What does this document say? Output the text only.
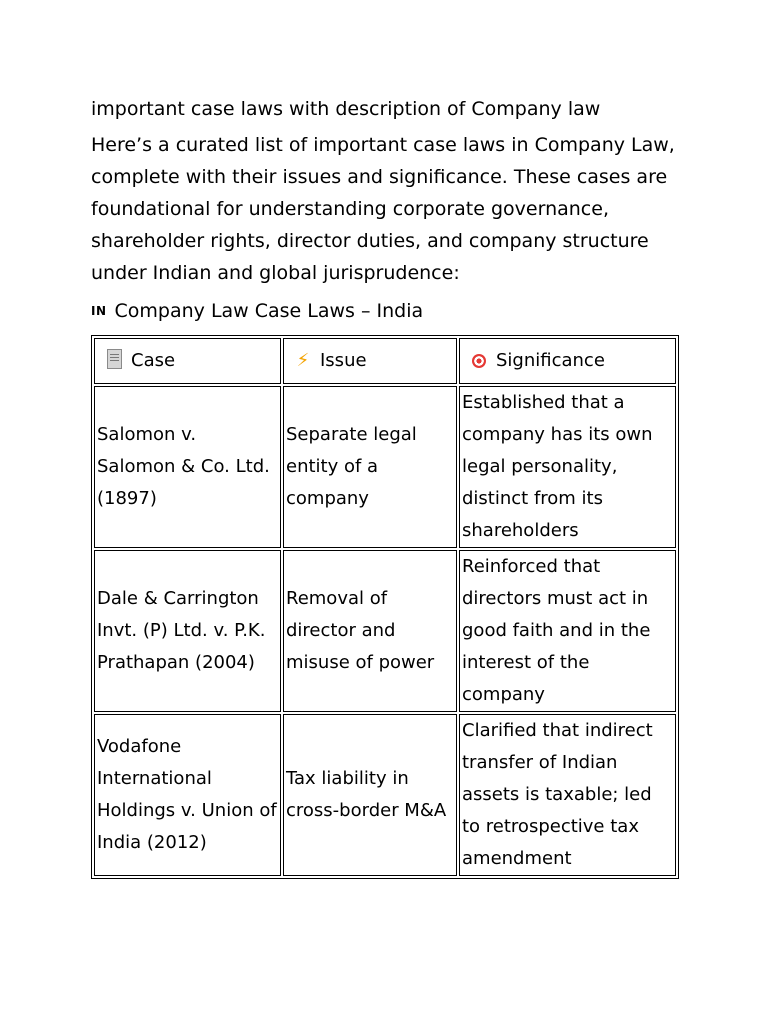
important case laws with description of Company law
Here’s a curated list of important case laws in Company Law, complete with their issues and significance. These cases are foundational for understanding corporate governance, shareholder rights, director duties, and company structure under Indian and global jurisprudence:
IN Company Law Case Laws – India
Case	⚡ Issue	Significance
Salomon v. Salomon & Co. Ltd. (1897)	Separate legal entity of a company	Established that a company has its own legal personality, distinct from its shareholders
Dale & Carrington Invt. (P) Ltd. v. P.K. Prathapan (2004)	Removal of director and misuse of power	Reinforced that directors must act in good faith and in the interest of the company
Vodafone International Holdings v. Union of India (2012)	Tax liability in cross-border M&A	Clarified that indirect transfer of Indian assets is taxable; led to retrospective tax amendment
